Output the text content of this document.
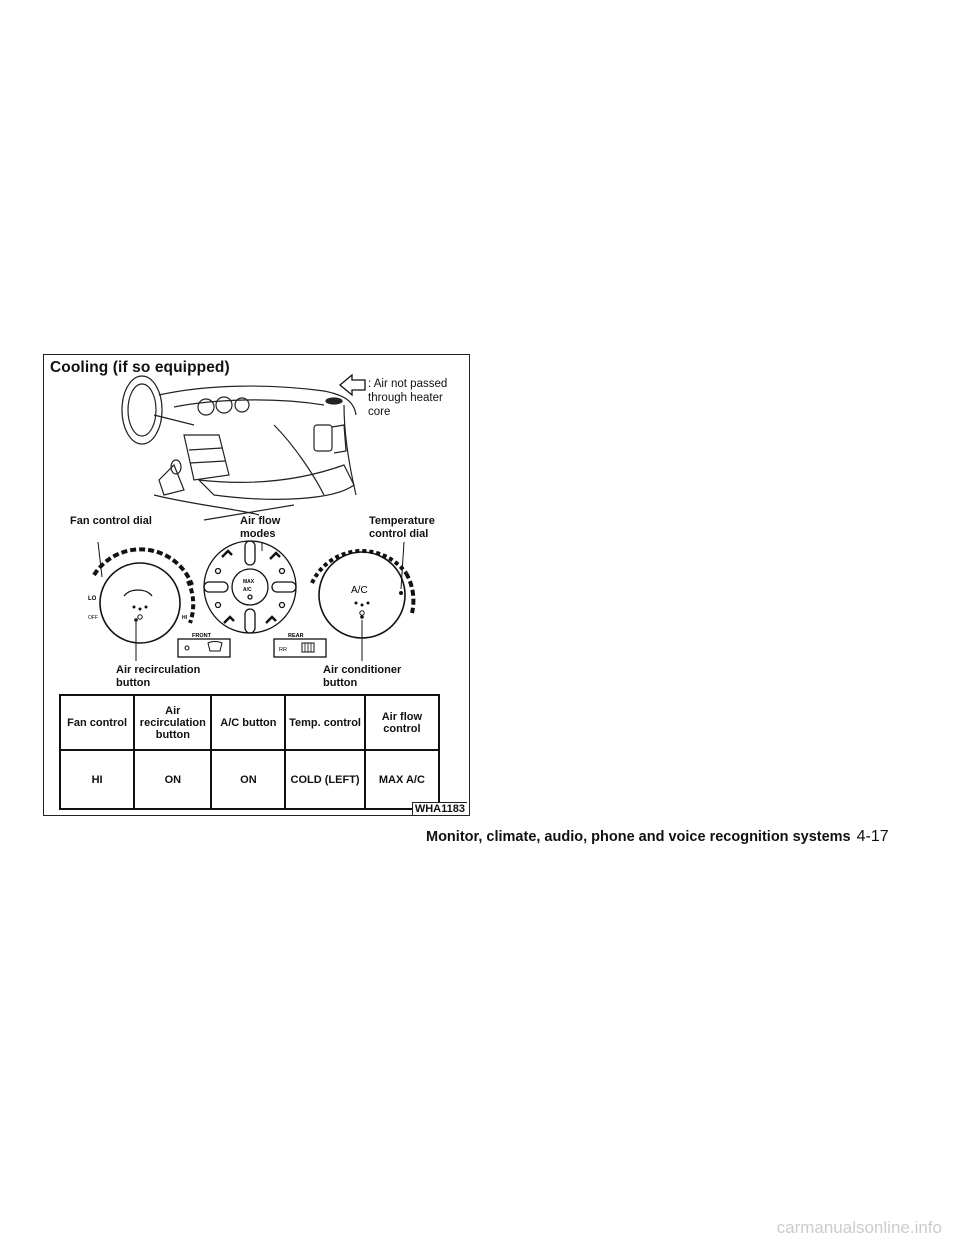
Cooling (if so equipped)
: Air not passed through heater core
LO
OFF	HI
MAX
A/C
FRONT	REAR
RR
A/C
Fan control dial	Air flow modes
Temperature control dial
Air recirculation button
Air conditioner button
Fan control	Air recirculation button	A/C button	Temp. control	Air flow control
HI	ON	ON	COLD (LEFT)	MAX A/C
WHA1183
Monitor, climate, audio, phone and voice recognition systems 4-17
carmanualsonline.info
